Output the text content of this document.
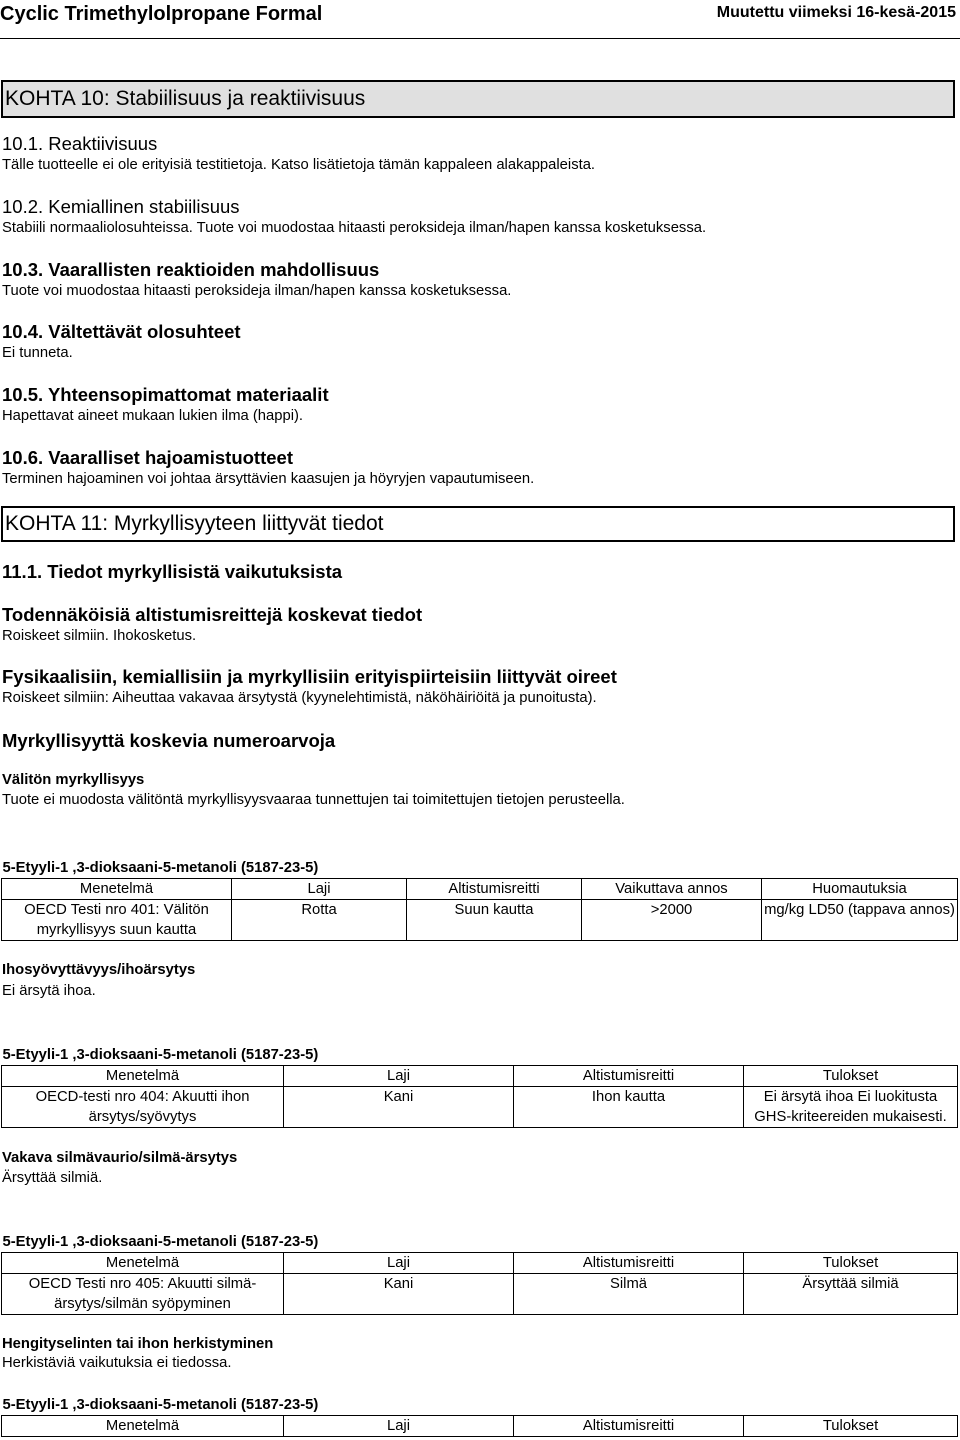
Cyclic Trimethylolpropane Formal	Muutettu viimeksi 16-kesä-2015
KOHTA 10: Stabiilisuus ja reaktiivisuus
10.1. Reaktiivisuus
Tälle tuotteelle ei ole erityisiä testitietoja. Katso lisätietoja tämän kappaleen alakappaleista.
10.2. Kemiallinen stabiilisuus
Stabiili normaaliolosuhteissa. Tuote voi muodostaa hitaasti peroksideja ilman/hapen kanssa kosketuksessa.
10.3. Vaarallisten reaktioiden mahdollisuus
Tuote voi muodostaa hitaasti peroksideja ilman/hapen kanssa kosketuksessa.
10.4. Vältettävät olosuhteet
Ei tunneta.
10.5. Yhteensopimattomat materiaalit
Hapettavat aineet mukaan lukien ilma (happi).
10.6. Vaaralliset hajoamistuotteet
Terminen hajoaminen voi johtaa ärsyttävien kaasujen ja höyryjen vapautumiseen.
KOHTA 11: Myrkyllisyyteen liittyvät tiedot
11.1. Tiedot myrkyllisistä vaikutuksista
Todennäköisiä altistumisreittejä koskevat tiedot
Roiskeet silmiin. Ihokosketus.
Fysikaalisiin, kemiallisiin ja myrkyllisiin erityispiirteisiin liittyvät oireet
Roiskeet silmiin: Aiheuttaa vakavaa ärsytystä (kyynelehtimistä, näköhäiriöitä ja punoitusta).
Myrkyllisyyttä koskevia numeroarvoja
Välitön myrkyllisyys
Tuote ei muodosta välitöntä myrkyllisyysvaaraa tunnettujen tai toimitettujen tietojen perusteella.
5-Etyyli-1 ,3-dioksaani-5-metanoli (5187-23-5)				
Menetelmä	Laji	Altistumisreitti	Vaikuttava annos	Huomautuksia
OECD Testi nro 401: Välitön myrkyllisyys suun kautta	Rotta	Suun kautta	>2000	mg/kg LD50 (tappava annos)
Ihosyövyttävyys/ihoärsytys
Ei ärsytä ihoa.
5-Etyyli-1 ,3-dioksaani-5-metanoli (5187-23-5)			
Menetelmä	Laji	Altistumisreitti	Tulokset
OECD-testi nro 404: Akuutti ihon ärsytys/syövytys	Kani	Ihon kautta	Ei ärsytä ihoa Ei luokitusta GHS-kriteereiden mukaisesti.
Vakava silmävaurio/silmä-ärsytys
Ärsyttää silmiä.
5-Etyyli-1 ,3-dioksaani-5-metanoli (5187-23-5)			
Menetelmä	Laji	Altistumisreitti	Tulokset
OECD Testi nro 405: Akuutti silmä-ärsytys/silmän syöpyminen	Kani	Silmä	Ärsyttää silmiä
Hengityselinten tai ihon herkistyminen
Herkistäviä vaikutuksia ei tiedossa.
5-Etyyli-1 ,3-dioksaani-5-metanoli (5187-23-5)
Menetelmä	Laji	Altistumisreitti	Tulokset
